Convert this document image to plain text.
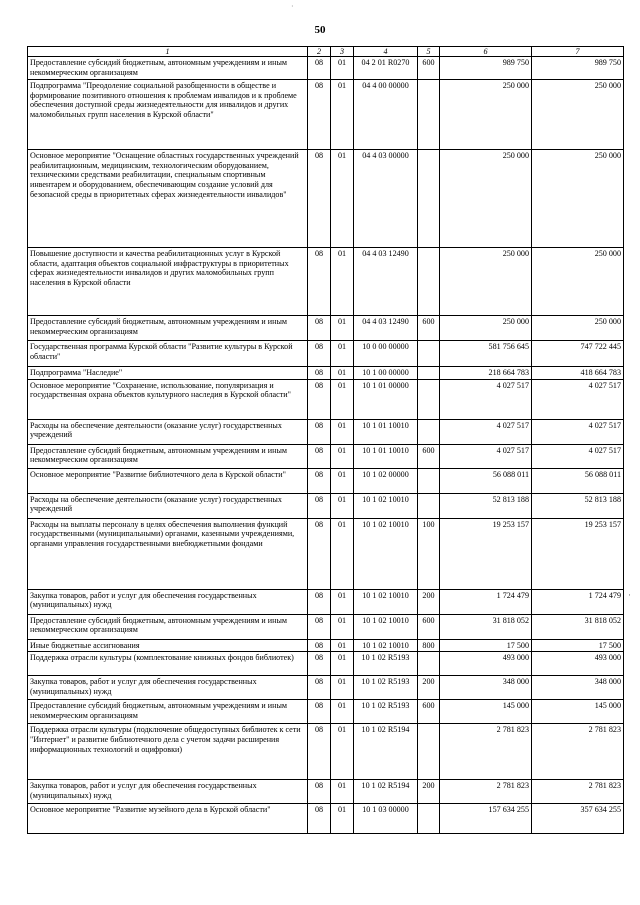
·
50
·
1	2	3	4	5	6	7
Предоставление субсидий бюджетным, автономным учреждениям и иным некоммерческим организациям	08	01	04 2 01 R0270	600	989 750	989 750
Подпрограмма "Преодоление социальной разобщенности в обществе и формирование позитивного отношения к проблемам инвалидов и к проблеме обеспечения доступной среды жизнедеятельности для инвалидов и других маломобильных групп населения в Курской области"	08	01	04 4 00 00000		250 000	250 000
Основное мероприятие "Оснащение областных государственных учреждений реабилитационным, медицинским, технологическим оборудованием, техническими средствами реабилитации, специальным спортивным инвентарем и оборудованием, обеспечивающим создание условий для безопасной среды в приоритетных сферах жизнедеятельности инвалидов"	08	01	04 4 03 00000		250 000	250 000
Повышение доступности и качества реабилитационных услуг в Курской области, адаптация объектов социальной инфраструктуры в приоритетных сферах жизнедеятельности инвалидов и других маломобильных групп населения в Курской области	08	01	04 4 03 12490		250 000	250 000
Предоставление субсидий бюджетным, автономным учреждениям и иным некоммерческим организациям	08	01	04 4 03 12490	600	250 000	250 000
Государственная программа Курской области "Развитие культуры в Курской области"	08	01	10 0 00 00000		581 756 645	747 722 445
Подпрограмма "Наследие"	08	01	10 1 00 00000		218 664 783	418 664 783
Основное мероприятие "Сохранение, использование, популяризация и государственная охрана объектов культурного наследия в Курской области"	08	01	10 1 01 00000		4 027 517	4 027 517
Расходы на обеспечение деятельности (оказание услуг) государственных учреждений	08	01	10 1 01 10010		4 027 517	4 027 517
Предоставление субсидий бюджетным, автономным учреждениям и иным некоммерческим организациям	08	01	10 1 01 10010	600	4 027 517	4 027 517
Основное мероприятие "Развитие библиотечного дела в Курской области"	08	01	10 1 02 00000		56 088 011	56 088 011
Расходы на обеспечение деятельности (оказание услуг) государственных учреждений	08	01	10 1 02 10010		52 813 188	52 813 188
Расходы на выплаты персоналу в целях обеспечения выполнения функций государственными (муниципальными) органами, казенными учреждениями, органами управления государственными внебюджетными фондами	08	01	10 1 02 10010	100	19 253 157	19 253 157
Закупка товаров, работ и услуг для обеспечения государственных (муниципальных) нужд	08	01	10 1 02 10010	200	1 724 479	1 724 479
Предоставление субсидий бюджетным, автономным учреждениям и иным некоммерческим организациям	08	01	10 1 02 10010	600	31 818 052	31 818 052
Иные бюджетные ассигнования	08	01	10 1 02 10010	800	17 500	17 500
Поддержка отрасли культуры (комплектование книжных фондов библиотек)	08	01	10 1 02 R5193		493 000	493 000
Закупка товаров, работ и услуг для обеспечения государственных (муниципальных) нужд	08	01	10 1 02 R5193	200	348 000	348 000
Предоставление субсидий бюджетным, автономным учреждениям и иным некоммерческим организациям	08	01	10 1 02 R5193	600	145 000	145 000
Поддержка отрасли культуры (подключение общедоступных библиотек к сети "Интернет" и развитие библиотечного дела с учетом задачи расширения информационных технологий и оцифровки)	08	01	10 1 02 R5194		2 781 823	2 781 823
Закупка товаров, работ и услуг для обеспечения государственных (муниципальных) нужд	08	01	10 1 02 R5194	200	2 781 823	2 781 823
Основное мероприятие "Развитие музейного дела в Курской области"	08	01	10 1 03 00000		157 634 255	357 634 255
